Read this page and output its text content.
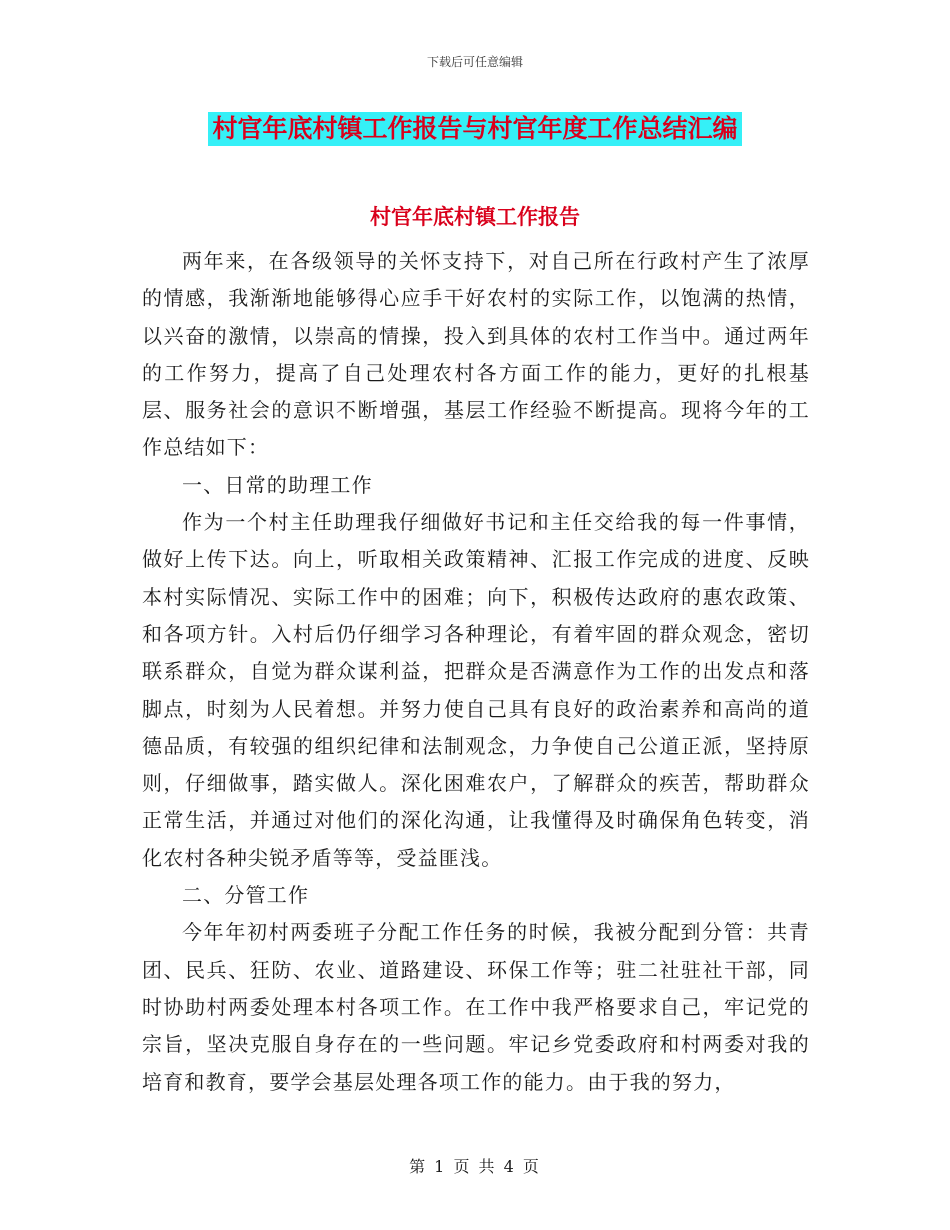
下载后可任意编辑
村官年底村镇工作报告与村官年度工作总结汇编
村官年底村镇工作报告

两年来，在各级领导的关怀支持下，对自己所在行政村产生了浓厚的情感，我渐渐地能够得心应手干好农村的实际工作，以饱满的热情，以兴奋的激情，以崇高的情操，投入到具体的农村工作当中。通过两年的工作努力，提高了自己处理农村各方面工作的能力，更好的扎根基层、服务社会的意识不断增强，基层工作经验不断提高。现将今年的工作总结如下：

一、日常的助理工作

作为一个村主任助理我仔细做好书记和主任交给我的每一件事情，做好上传下达。向上，听取相关政策精神、汇报工作完成的进度、反映本村实际情况、实际工作中的困难；向下，积极传达政府的惠农政策、和各项方针。入村后仍仔细学习各种理论，有着牢固的群众观念，密切联系群众，自觉为群众谋利益，把群众是否满意作为工作的出发点和落脚点，时刻为人民着想。并努力使自己具有良好的政治素养和高尚的道德品质，有较强的组织纪律和法制观念，力争使自己公道正派，坚持原则，仔细做事，踏实做人。深化困难农户，了解群众的疾苦，帮助群众正常生活，并通过对他们的深化沟通，让我懂得及时确保角色转变，消化农村各种尖锐矛盾等等，受益匪浅。

二、分管工作

今年年初村两委班子分配工作任务的时候，我被分配到分管：共青团、民兵、狂防、农业、道路建设、环保工作等；驻二社驻社干部，同时协助村两委处理本村各项工作。在工作中我严格要求自己，牢记党的宗旨，坚决克服自身存在的一些问题。牢记乡党委政府和村两委对我的培育和教育，要学会基层处理各项工作的能力。由于我的努力，

第 1 页 共 4 页
